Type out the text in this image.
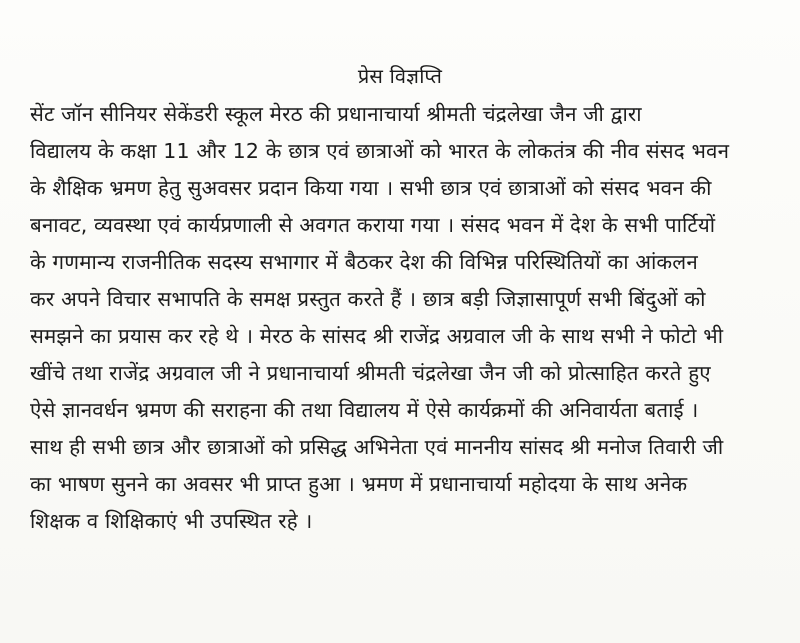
प्रेस विज्ञप्ति
सेंट जॉन सीनियर सेकेंडरी स्कूल मेरठ की प्रधानाचार्या श्रीमती चंद्रलेखा जैन जी द्वारा
विद्यालय के कक्षा 11 और 12 के छात्र एवं छात्राओं को भारत के लोकतंत्र की नीव संसद भवन
के शैक्षिक भ्रमण हेतु सुअवसर प्रदान किया गया । सभी छात्र एवं छात्राओं को संसद भवन की
बनावट, व्यवस्था एवं कार्यप्रणाली से अवगत कराया गया । संसद भवन में देश के सभी पार्टियों
के गणमान्य राजनीतिक सदस्य सभागार में बैठकर देश की विभिन्न परिस्थितियों का आंकलन
कर अपने विचार सभापति के समक्ष प्रस्तुत करते हैं । छात्र बड़ी जिज्ञासापूर्ण सभी बिंदुओं को
समझने का प्रयास कर रहे थे । मेरठ के सांसद श्री राजेंद्र अग्रवाल जी के साथ सभी ने फोटो भी
खींचे तथा राजेंद्र अग्रवाल जी ने प्रधानाचार्या श्रीमती चंद्रलेखा जैन जी को प्रोत्साहित करते हुए
ऐसे ज्ञानवर्धन भ्रमण की सराहना की तथा विद्यालय में ऐसे कार्यक्रमों की अनिवार्यता बताई ।
साथ ही सभी छात्र और छात्राओं को प्रसिद्ध अभिनेता एवं माननीय सांसद श्री मनोज तिवारी जी
का भाषण सुनने का अवसर भी प्राप्त हुआ । भ्रमण में प्रधानाचार्या महोदया के साथ अनेक
शिक्षक व शिक्षिकाएं भी उपस्थित रहे ।
